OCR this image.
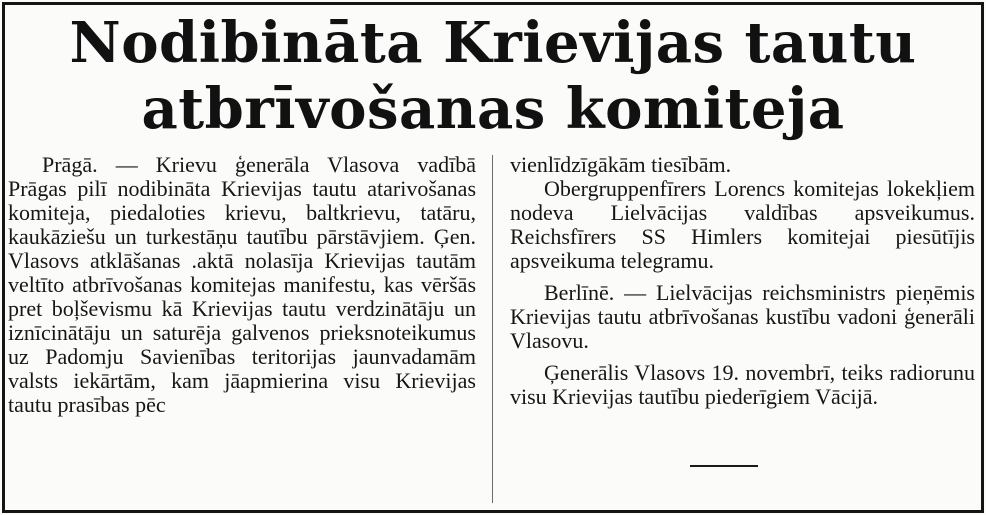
Nodibināta Krievijas tautu
atbrīvošanas komiteja

Prāgā. — Krievu ģenerāla Vlasova vadībā Prāgas pilī nodibināta Krievijas tautu atarivošanas komiteja, piedaloties krievu, baltkrievu, tatāru, kaukāziešu un turkestāņu tautību pārstāvjiem. Ģen. Vlasovs atklāšanas .aktā nolasīja Krievijas tautām veltīto atbrīvošanas komitejas manifestu, kas vēršās pret boļševismu kā Krievijas tautu verdzinātāju un iznīcinātāju un saturēja galvenos prieksnoteikumus uz Padomju Savienības teritorijas jaunvadamām valsts iekārtām, kam jāapmierina visu Krievijas tautu prasības pēc

vienlīdzīgākām tiesībām.

Obergruppenfīrers Lorencs komitejas lokekļiem nodeva Lielvācijas valdības apsveikumus. Reichsfīrers SS Himlers komitejai piesūtījis apsveikuma telegramu.

Berlīnē. — Lielvācijas reichsministrs pieņēmis Krievijas tautu atbrīvošanas kustību vadoni ģenerāli Vlasovu.

Ģenerālis Vlasovs 19. novembrī, teiks radiorunu visu Krievijas tautību piederīgiem Vācijā.
